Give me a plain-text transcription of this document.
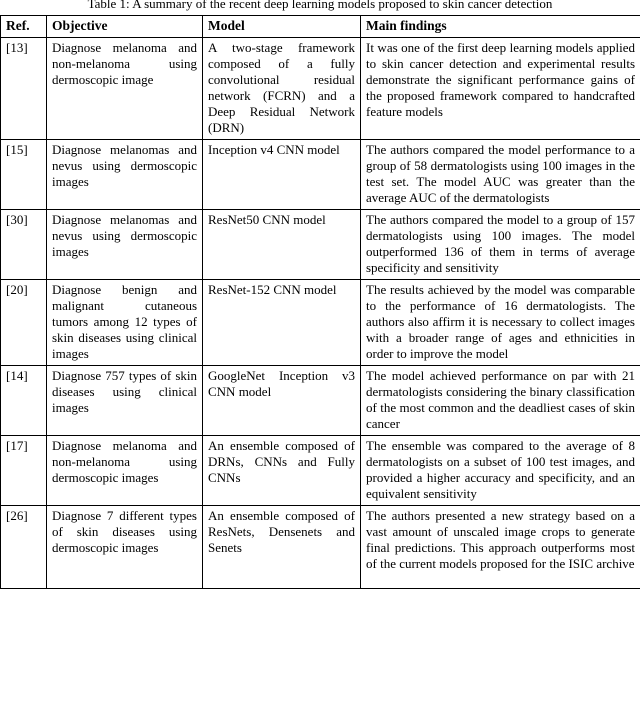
Table 1: A summary of the recent deep learning models proposed to skin cancer detection
Ref.	Objective	Model	Main findings
[13]	Diagnose melanoma and non-melanoma using dermoscopic image	A two-stage framework composed of a fully convolutional residual network (FCRN) and a Deep Residual Network (DRN)	It was one of the first deep learning models applied to skin cancer detection and experimental results demonstrate the significant performance gains of the proposed framework compared to handcrafted feature models
[15]	Diagnose melanomas and nevus using dermoscopic images	Inception v4 CNN model	The authors compared the model performance to a group of 58 dermatologists using 100 images in the test set. The model AUC was greater than the average AUC of the dermatologists
[30]	Diagnose melanomas and nevus using dermoscopic images	ResNet50 CNN model	The authors compared the model to a group of 157 dermatologists using 100 images. The model outperformed 136 of them in terms of average specificity and sensitivity
[20]	Diagnose benign and malignant cutaneous tumors among 12 types of skin diseases using clinical images	ResNet-152 CNN model	The results achieved by the model was comparable to the performance of 16 dermatologists. The authors also affirm it is necessary to collect images with a broader range of ages and ethnicities in order to improve the model
[14]	Diagnose 757 types of skin diseases using clinical images	GoogleNet Inception v3 CNN model	The model achieved performance on par with 21 dermatologists considering the binary classification of the most common and the deadliest cases of skin cancer
[17]	Diagnose melanoma and non-melanoma using dermoscopic images	An ensemble composed of DRNs, CNNs and Fully CNNs	The ensemble was compared to the average of 8 dermatologists on a subset of 100 test images, and provided a higher accuracy and specificity, and an equivalent sensitivity
[26]	Diagnose 7 different types of skin diseases using dermoscopic images	An ensemble composed of ResNets, Densenets and Senets	The authors presented a new strategy based on a vast amount of unscaled image crops to generate final predictions. This approach outperforms most of the current models proposed for the ISIC archive
